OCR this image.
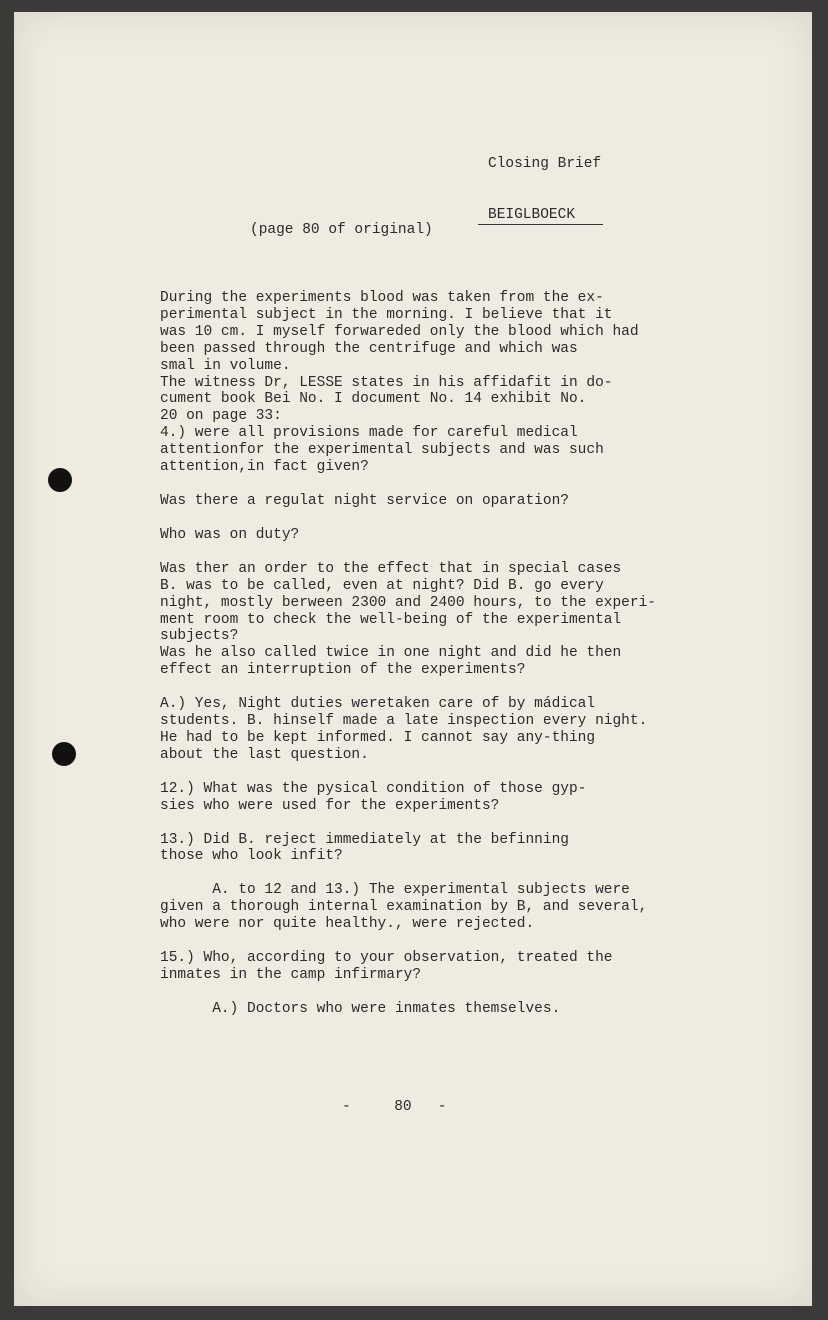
Closing Brief

BEIGLBOECK

(page 80 of original)
During the experiments blood was taken from the ex-
perimental subject in the morning. I believe that it
was 10 cm. I myself forwareded only the blood which had
been passed through the centrifuge and which was
smal in volume.
The witness Dr, LESSE states in his affidafit in do-
cument book Bei No. I document No. 14 exhibit No.
20 on page 33:
4.) were all provisions made for careful medical
attentionfor the experimental subjects and was such
attention,in fact given?
Was there a regulat night service on oparation?
Who was on duty?
Was ther an order to the effect that in special cases
B. was to be called, even at night? Did B. go every
night, mostly berween 2300 and 2400 hours, to the experi-
ment room to check the well-being of the experimental
subjects?
Was he also called twice in one night and did he then
effect an interruption of the experiments?
A.) Yes, Night duties weretaken care of by mádical
students. B. hinself made a late inspection every night.
He had to be kept informed. I cannot say any-thing
about the last question.
12.) What was the pysical condition of those gyp-
sies who were used for the experiments?
13.) Did B. reject immediately at the befinning
those who look infit?
A. to 12 and 13.) The experimental subjects were
given a thorough internal examination by B, and several,
who were nor quite healthy., were rejected.
15.) Who, according to your observation, treated the
inmates in the camp infirmary?
A.) Doctors who were inmates themselves.
-     80   -
